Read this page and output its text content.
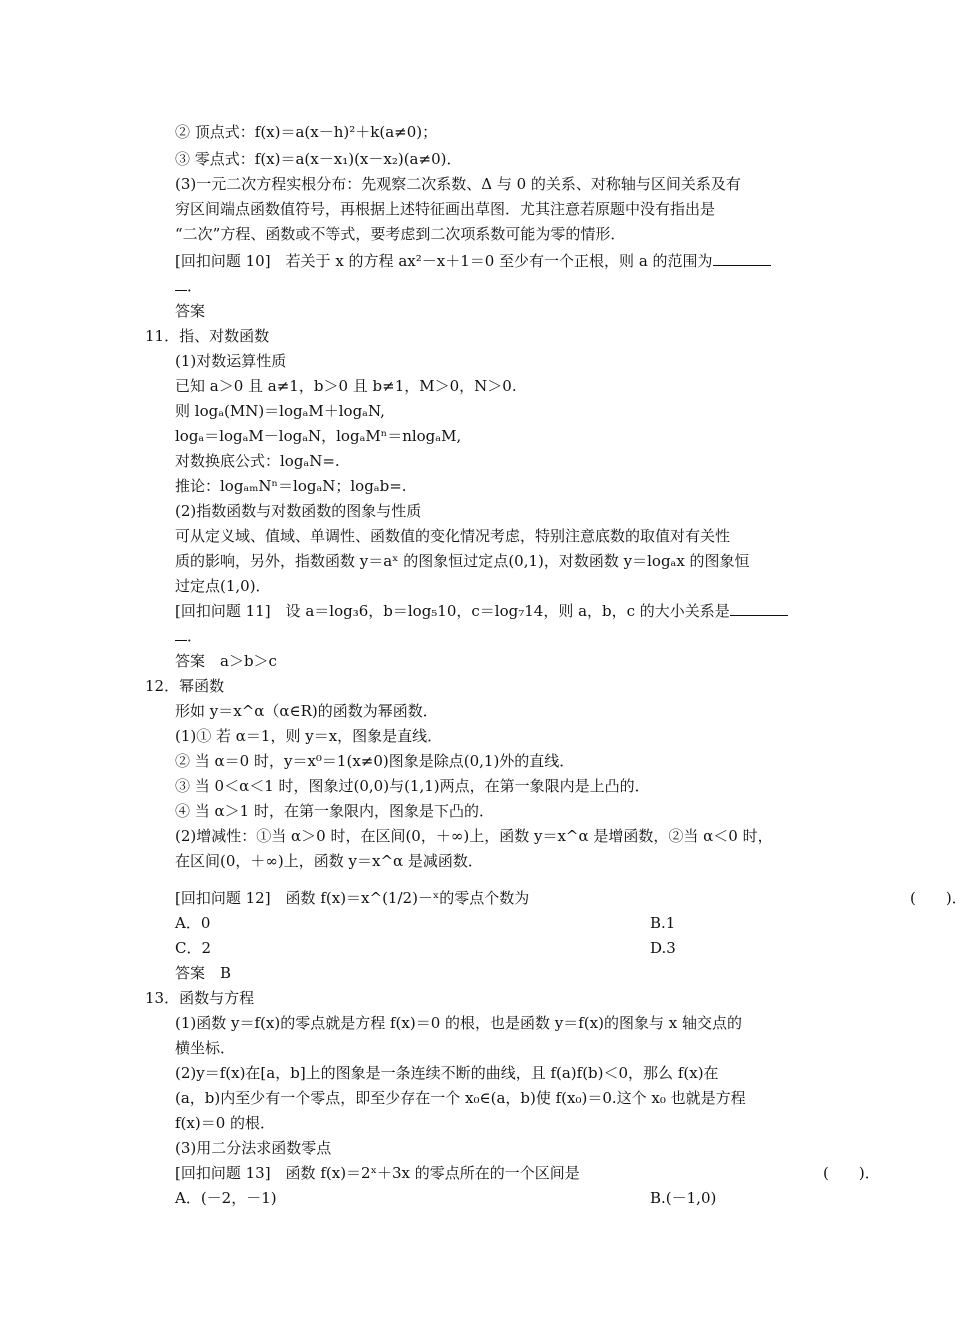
② 顶点式：f(x)＝a(x－h)²＋k(a≠0)；
③ 零点式：f(x)＝a(x－x₁)(x－x₂)(a≠0)．
(3)一元二次方程实根分布：先观察二次系数、Δ 与 0 的关系、对称轴与区间关系及有
穷区间端点函数值符号，再根据上述特征画出草图．尤其注意若原题中没有指出是
“二次”方程、函数或不等式，要考虑到二次项系数可能为零的情形．
[回扣问题 10]　若关于 x 的方程 ax²－x＋1＝0 至少有一个正根，则 a 的范围为
．
答案
11．指、对数函数
(1)对数运算性质
已知 a＞0 且 a≠1，b＞0 且 b≠1，M＞0，N＞0.
则 logₐ(MN)＝logₐM＋logₐN,
logₐ＝logₐM－logₐN，logₐMⁿ＝nlogₐM,
对数换底公式：logₐN=.
推论：logₐₘNⁿ＝logₐN；logₐb=.
(2)指数函数与对数函数的图象与性质
可从定义域、值域、单调性、函数值的变化情况考虑，特别注意底数的取值对有关性
质的影响，另外，指数函数 y＝aˣ 的图象恒过定点(0,1)，对数函数 y＝logₐx 的图象恒
过定点(1,0)．
[回扣问题 11]　设 a＝log₃6，b＝log₅10，c＝log₇14，则 a，b，c 的大小关系是
．
答案　a＞b＞c
12．幂函数
形如 y＝x^α（α∈R)的函数为幂函数．
(1)① 若 α＝1，则 y＝x，图象是直线．
② 当 α＝0 时，y＝x⁰＝1(x≠0)图象是除点(0,1)外的直线．
③ 当 0＜α＜1 时，图象过(0,0)与(1,1)两点，在第一象限内是上凸的．
④ 当 α＞1 时，在第一象限内，图象是下凸的．
(2)增减性：①当 α＞0 时，在区间(0，＋∞)上，函数 y＝x^α 是增函数，②当 α＜0 时，
在区间(0，＋∞)上，函数 y＝x^α 是减函数．
[回扣问题 12]　函数 f(x)＝x^(1/2)－ˣ的零点个数为	(　　)．
A．0	B.1
C．2	D.3
答案　B
13．函数与方程
(1)函数 y＝f(x)的零点就是方程 f(x)＝0 的根，也是函数 y＝f(x)的图象与 x 轴交点的
横坐标．
(2)y＝f(x)在[a，b]上的图象是一条连续不断的曲线，且 f(a)f(b)＜0，那么 f(x)在
(a，b)内至少有一个零点，即至少存在一个 x₀∈(a，b)使 f(x₀)＝0.这个 x₀ 也就是方程
f(x)＝0 的根．
(3)用二分法求函数零点
[回扣问题 13]　函数 f(x)＝2ˣ＋3x 的零点所在的一个区间是	(　　)．
A．(－2，－1)	B.(－1,0)
